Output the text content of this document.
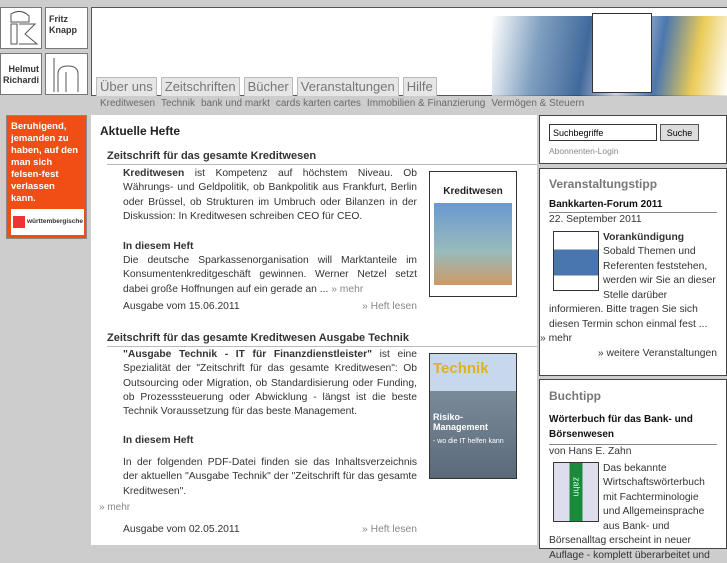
Fritz Knapp
Helmut Richardi	Über uns Zeitschriften Bücher Veranstaltungen Hilfe
Kreditwesen Technik bank und markt cards karten cartes Immobilien & Finanzierung Vermögen & Steuern
Beruhigend, jemanden zu haben, auf den man sich felsen-fest verlassen kann.
württembergische
Aktuelle Hefte
Zeitschrift für das gesamte Kreditwesen
Kreditwesen ist Kompetenz auf höchstem Niveau. Ob Währungs- und Geldpolitik, ob Bankpolitik aus Frankfurt, Berlin oder Brüssel, ob Strukturen im Umbruch oder Bilanzen in der Diskussion: In Kreditwesen schreiben CEO für CEO.
In diesem Heft
Die deutsche Sparkassenorganisation will Marktanteile im Konsumentenkreditgeschäft gewinnen. Werner Netzel setzt dabei große Hoffnungen auf ein gerade an ... » mehr
Ausgabe vom 15.06.2011	» Heft lesen
Kreditwesen
Zeitschrift für das gesamte Kreditwesen Ausgabe Technik
"Ausgabe Technik - IT für Finanzdienstleister" ist eine Spezialität der "Zeitschrift für das gesamte Kreditwesen": Ob Outsourcing oder Migration, ob Standardisierung oder Funding, ob Prozesssteuerung oder Abwicklung - längst ist die beste Technik Voraussetzung für das beste Management.
In diesem Heft
In der folgenden PDF-Datei finden sie das Inhaltsverzeichnis der aktuellen "Ausgabe Technik" der "Zeitschrift für das gesamte Kreditwesen".
» mehr
Ausgabe vom 02.05.2011	» Heft lesen
Technik
Risiko-Management
- wo die IT helfen kann
Suchbegriffe
Suche
Abonnenten-Login
Veranstaltungstipp
Bankkarten-Forum 2011
22. September 2011
Vorankündigung
Sobald Themen und Referenten feststehen, werden wir Sie an dieser Stelle darüber informieren. Bitte tragen Sie sich diesen Termin schon einmal fest ...
» mehr
» weitere Veranstaltungen
Buchtipp
Wörterbuch für das Bank- und Börsenwesen
von Hans E. Zahn
zahn
Das bekannte Wirtschaftswörterbuch mit Fachterminologie und Allgemeinsprache aus Bank- und Börsenalltag erscheint in neuer Auflage - komplett überarbeitet und
